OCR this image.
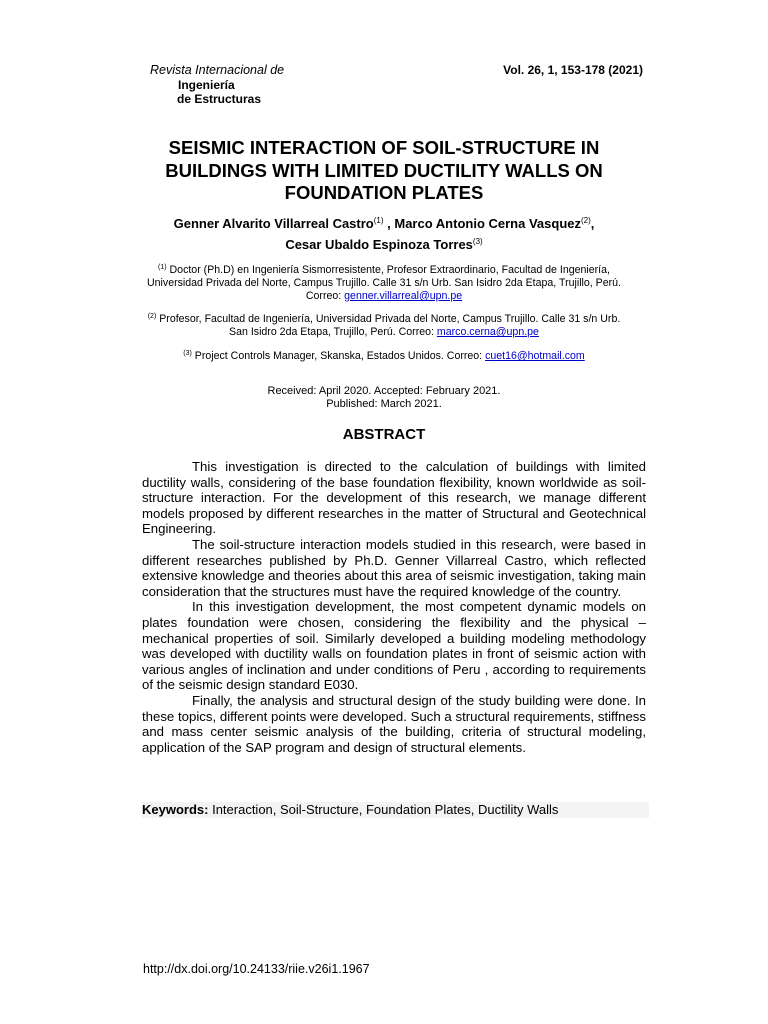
Revista Internacional de
Ingeniería
de Estructuras
Vol. 26, 1, 153-178 (2021)
SEISMIC INTERACTION OF SOIL-STRUCTURE IN BUILDINGS WITH LIMITED DUCTILITY WALLS ON FOUNDATION PLATES
Genner Alvarito Villarreal Castro$^{(1)}$ , Marco Antonio Cerna Vasquez$^{(2)}$,
Cesar Ubaldo Espinoza Torres$^{(3)}$
$^{(1)}$ Doctor (Ph.D) en Ingeniería Sismorresistente, Profesor Extraordinario, Facultad de Ingeniería, Universidad Privada del Norte, Campus Trujillo. Calle 31 s/n Urb. San Isidro 2da Etapa, Trujillo, Perú. Correo: genner.villarreal@upn.pe
$^{(2)}$ Profesor, Facultad de Ingeniería, Universidad Privada del Norte, Campus Trujillo. Calle 31 s/n Urb. San Isidro 2da Etapa, Trujillo, Perú. Correo: marco.cerna@upn.pe
$^{(3)}$ Project Controls Manager, Skanska, Estados Unidos. Correo: cuet16@hotmail.com
Received: April 2020. Accepted: February 2021.
Published: March 2021.
ABSTRACT

This investigation is directed to the calculation of buildings with limited ductility walls, considering of the base foundation flexibility, known worldwide as soil- structure interaction. For the development of this research, we manage different models proposed by different researches in the matter of Structural and Geotechnical Engineering.

The soil-structure interaction models studied in this research, were based in different researches published by Ph.D. Genner Villarreal Castro, which reflected extensive knowledge and theories about this area of seismic investigation, taking main consideration that the structures must have the required knowledge of the country.

In this investigation development, the most competent dynamic models on plates foundation were chosen, considering the flexibility and the physical – mechanical properties of soil. Similarly developed a building modeling methodology was developed with ductility walls on foundation plates in front of seismic action with various angles of inclination and under conditions of Peru , according to requirements of the seismic design standard E030.

Finally, the analysis and structural design of the study building were done. In these topics, different points were developed. Such a structural requirements, stiffness and mass center seismic analysis of the building, criteria of structural modeling, application of the SAP program and design of structural elements.

Keywords: Interaction, Soil-Structure, Foundation Plates, Ductility Walls
http://dx.doi.org/10.24133/riie.v26i1.1967
